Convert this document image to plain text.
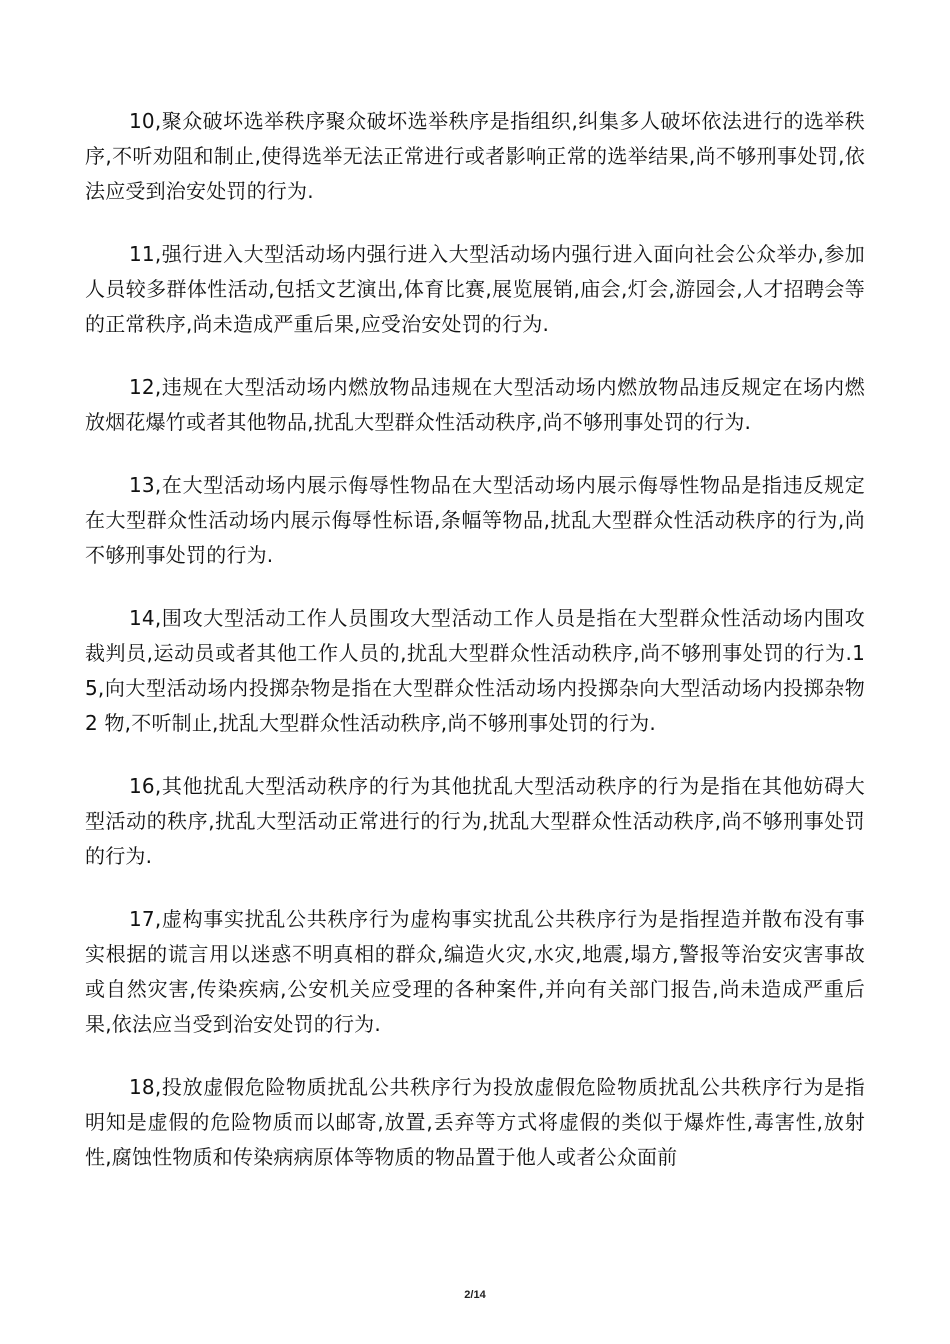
10,聚众破坏选举秩序聚众破坏选举秩序是指组织,纠集多人破坏依法进行的选举秩序,不听劝阻和制止,使得选举无法正常进行或者影响正常的选举结果,尚不够刑事处罚,依法应受到治安处罚的行为.

11,强行进入大型活动场内强行进入大型活动场内强行进入面向社会公众举办,参加人员较多群体性活动,包括文艺演出,体育比赛,展览展销,庙会,灯会,游园会,人才招聘会等的正常秩序,尚未造成严重后果,应受治安处罚的行为.

12,违规在大型活动场内燃放物品违规在大型活动场内燃放物品违反规定在场内燃放烟花爆竹或者其他物品,扰乱大型群众性活动秩序,尚不够刑事处罚的行为.

13,在大型活动场内展示侮辱性物品在大型活动场内展示侮辱性物品是指违反规定在大型群众性活动场内展示侮辱性标语,条幅等物品,扰乱大型群众性活动秩序的行为,尚不够刑事处罚的行为.

14,围攻大型活动工作人员围攻大型活动工作人员是指在大型群众性活动场内围攻裁判员,运动员或者其他工作人员的,扰乱大型群众性活动秩序,尚不够刑事处罚的行为.15,向大型活动场内投掷杂物是指在大型群众性活动场内投掷杂向大型活动场内投掷杂物 2 物,不听制止,扰乱大型群众性活动秩序,尚不够刑事处罚的行为.

16,其他扰乱大型活动秩序的行为其他扰乱大型活动秩序的行为是指在其他妨碍大型活动的秩序,扰乱大型活动正常进行的行为,扰乱大型群众性活动秩序,尚不够刑事处罚的行为.

17,虚构事实扰乱公共秩序行为虚构事实扰乱公共秩序行为是指捏造并散布没有事实根据的谎言用以迷惑不明真相的群众,编造火灾,水灾,地震,塌方,警报等治安灾害事故或自然灾害,传染疾病,公安机关应受理的各种案件,并向有关部门报告,尚未造成严重后果,依法应当受到治安处罚的行为.

18,投放虚假危险物质扰乱公共秩序行为投放虚假危险物质扰乱公共秩序行为是指明知是虚假的危险物质而以邮寄,放置,丢弃等方式将虚假的类似于爆炸性,毒害性,放射性,腐蚀性物质和传染病病原体等物质的物品置于他人或者公众面前

2/14
